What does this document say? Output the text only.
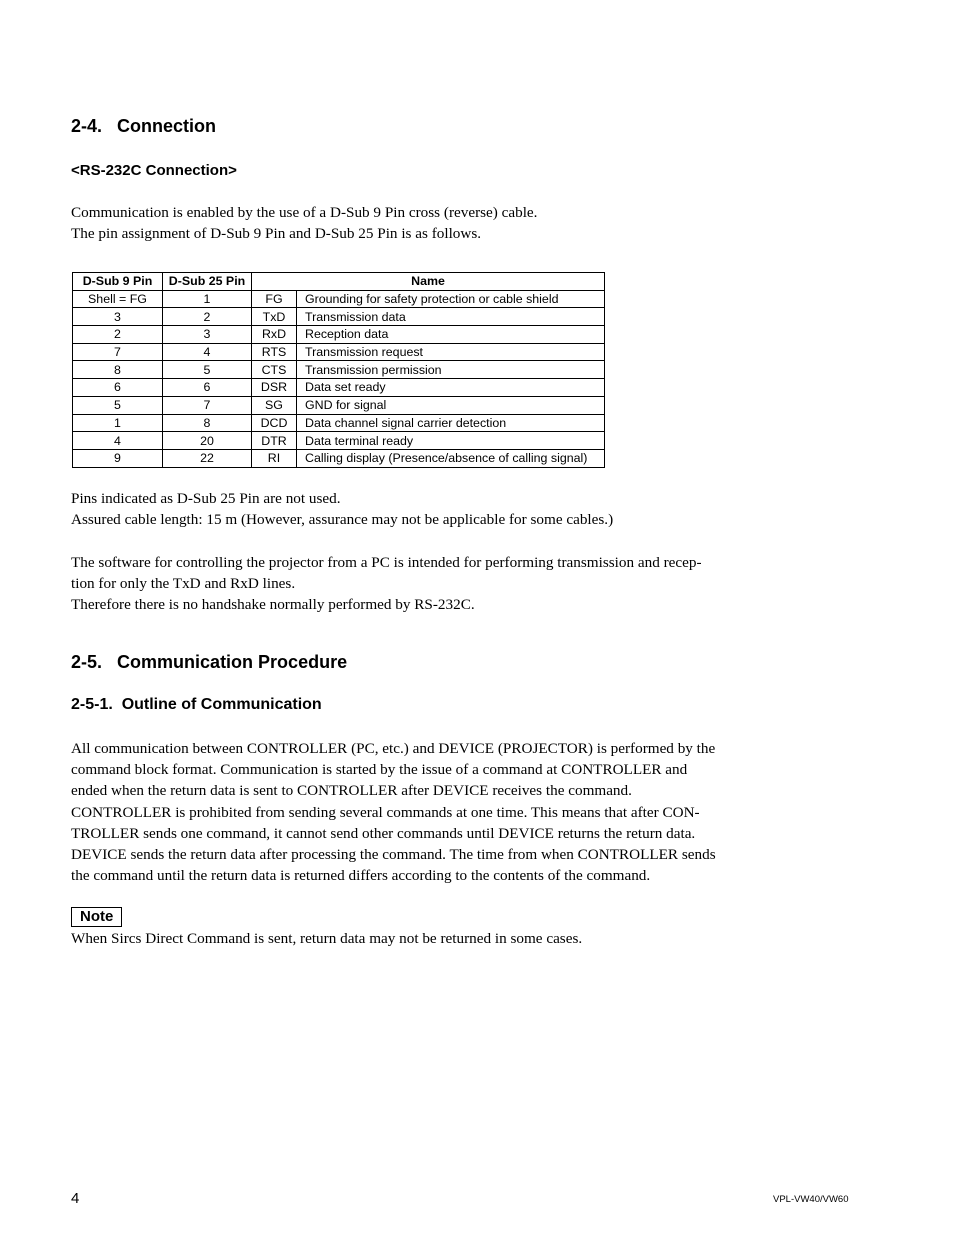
2-4. Connection
<RS-232C Connection>
Communication is enabled by the use of a D-Sub 9 Pin cross (reverse) cable.
The pin assignment of D-Sub 9 Pin and D-Sub 25 Pin is as follows.
D-Sub 9 Pin	D-Sub 25 Pin	Name	
Shell = FG	1	FG	Grounding for safety protection or cable shield
3	2	TxD	Transmission data
2	3	RxD	Reception data
7	4	RTS	Transmission request
8	5	CTS	Transmission permission
6	6	DSR	Data set ready
5	7	SG	GND for signal
1	8	DCD	Data channel signal carrier detection
4	20	DTR	Data terminal ready
9	22	RI	Calling display (Presence/absence of calling signal)
Pins indicated as D-Sub 25 Pin are not used.
Assured cable length: 15 m (However, assurance may not be applicable for some cables.)
The software for controlling the projector from a PC is intended for performing transmission and recep-
tion for only the TxD and RxD lines.
Therefore there is no handshake normally performed by RS-232C.
2-5. Communication Procedure
2-5-1. Outline of Communication
All communication between CONTROLLER (PC, etc.) and DEVICE (PROJECTOR) is performed by the
command block format. Communication is started by the issue of a command at CONTROLLER and
ended when the return data is sent to CONTROLLER after DEVICE receives the command.
CONTROLLER is prohibited from sending several commands at one time. This means that after CON-
TROLLER sends one command, it cannot send other commands until DEVICE returns the return data.
DEVICE sends the return data after processing the command. The time from when CONTROLLER sends
the command until the return data is returned differs according to the contents of the command.
Note
When Sircs Direct Command is sent, return data may not be returned in some cases.
4	VPL-VW40/VW60
